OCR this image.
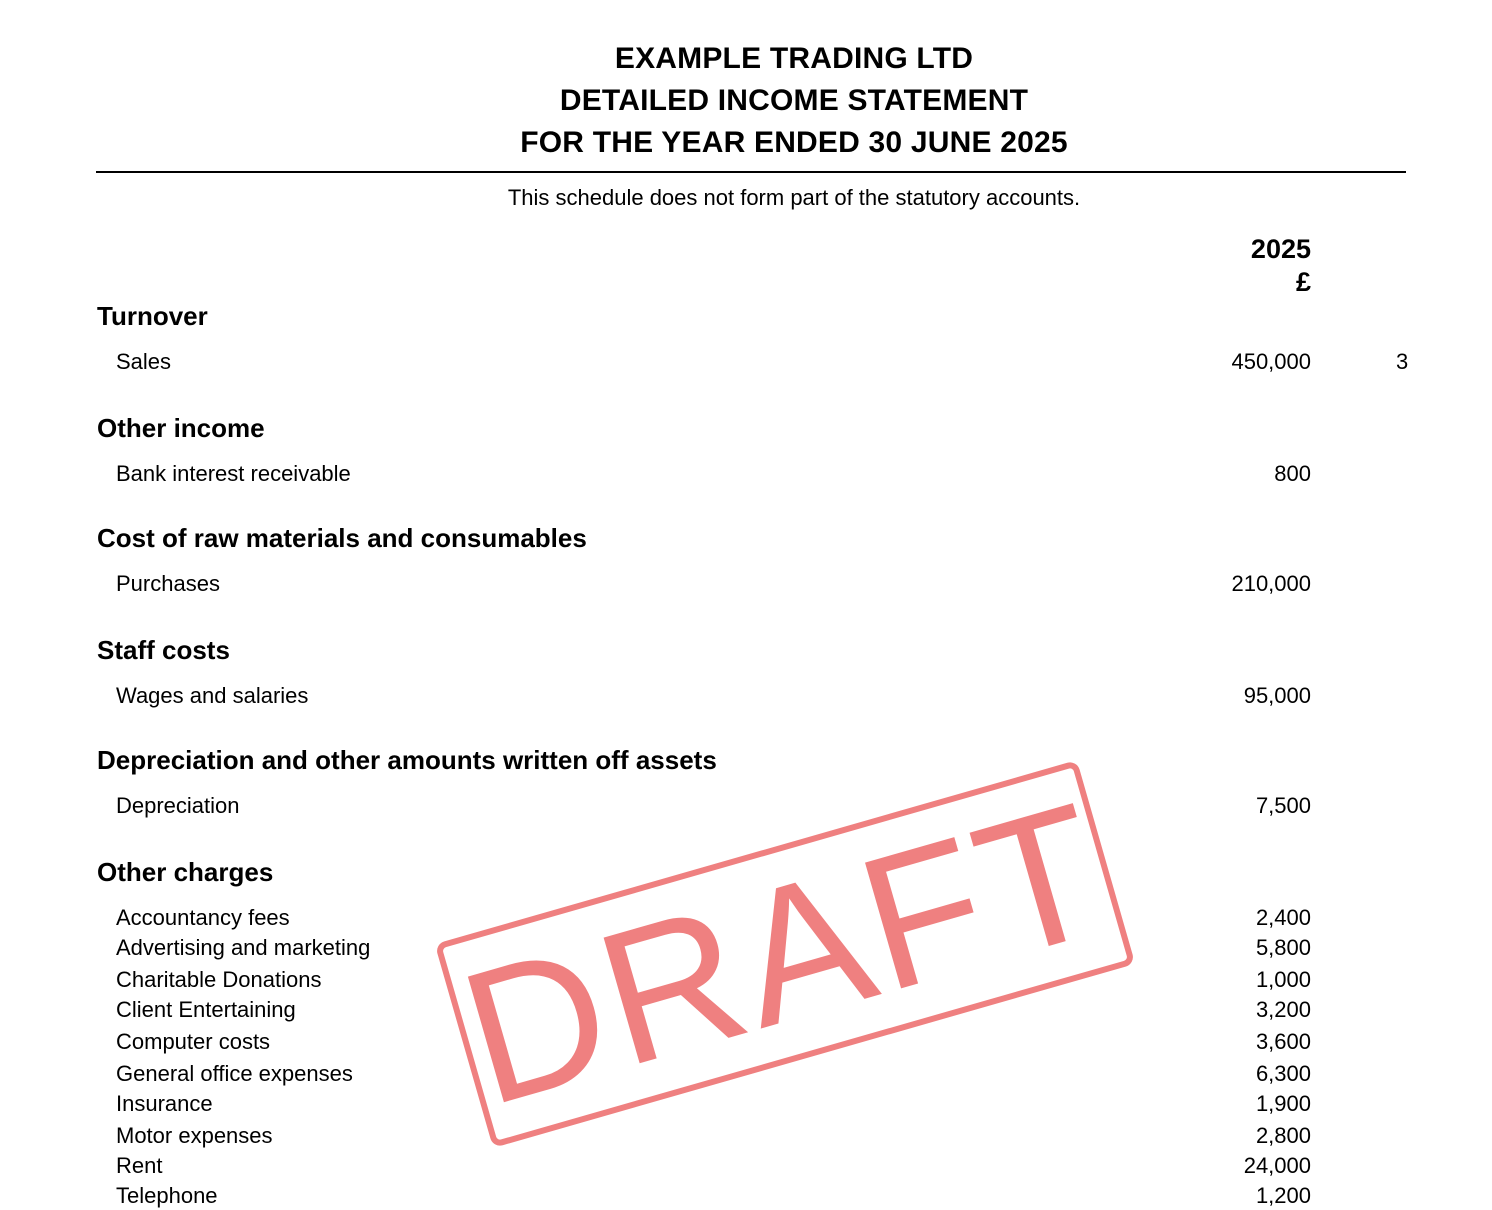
EXAMPLE TRADING LTD
DETAILED INCOME STATEMENT
FOR THE YEAR ENDED 30 JUNE 2025
This schedule does not form part of the statutory accounts.
2025
£
Turnover
Sales	450,000	3
Other income
Bank interest receivable	800
Cost of raw materials and consumables
Purchases	210,000
Staff costs
Wages and salaries	95,000
Depreciation and other amounts written off assets
Depreciation	7,500
Other charges
Accountancy fees	2,400
Advertising and marketing	5,800
Charitable Donations	1,000
Client Entertaining	3,200
Computer costs	3,600
General office expenses	6,300
Insurance	1,900
Motor expenses	2,800
Rent	24,000
Telephone	1,200
DRAFT
